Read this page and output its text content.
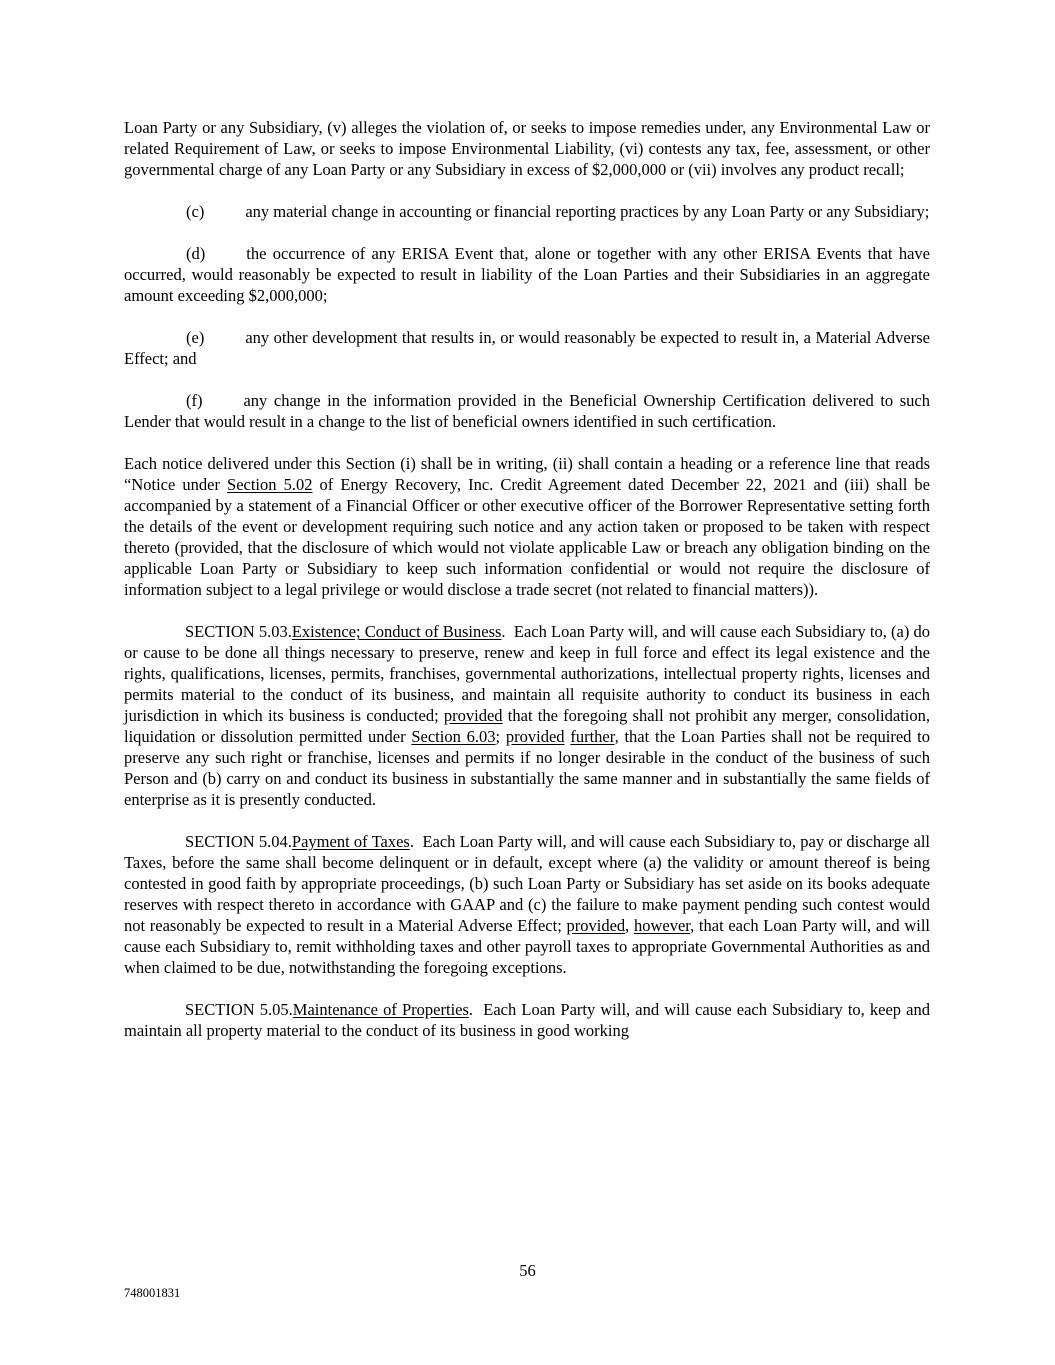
Loan Party or any Subsidiary, (v) alleges the violation of, or seeks to impose remedies under, any Environmental Law or related Requirement of Law, or seeks to impose Environmental Liability, (vi) contests any tax, fee, assessment, or other governmental charge of any Loan Party or any Subsidiary in excess of $2,000,000 or (vii) involves any product recall;

(c) any material change in accounting or financial reporting practices by any Loan Party or any Subsidiary;

(d) the occurrence of any ERISA Event that, alone or together with any other ERISA Events that have occurred, would reasonably be expected to result in liability of the Loan Parties and their Subsidiaries in an aggregate amount exceeding $2,000,000;

(e) any other development that results in, or would reasonably be expected to result in, a Material Adverse Effect; and

(f) any change in the information provided in the Beneficial Ownership Certification delivered to such Lender that would result in a change to the list of beneficial owners identified in such certification.

Each notice delivered under this Section (i) shall be in writing, (ii) shall contain a heading or a reference line that reads “Notice under Section 5.02 of Energy Recovery, Inc. Credit Agreement dated December 22, 2021 and (iii) shall be accompanied by a statement of a Financial Officer or other executive officer of the Borrower Representative setting forth the details of the event or development requiring such notice and any action taken or proposed to be taken with respect thereto (provided, that the disclosure of which would not violate applicable Law or breach any obligation binding on the applicable Loan Party or Subsidiary to keep such information confidential or would not require the disclosure of information subject to a legal privilege or would disclose a trade secret (not related to financial matters)).

SECTION 5.03.Existence; Conduct of Business.  Each Loan Party will, and will cause each Subsidiary to, (a) do or cause to be done all things necessary to preserve, renew and keep in full force and effect its legal existence and the rights, qualifications, licenses, permits, franchises, governmental authorizations, intellectual property rights, licenses and permits material to the conduct of its business, and maintain all requisite authority to conduct its business in each jurisdiction in which its business is conducted; provided that the foregoing shall not prohibit any merger, consolidation, liquidation or dissolution permitted under Section 6.03; provided further, that the Loan Parties shall not be required to preserve any such right or franchise, licenses and permits if no longer desirable in the conduct of the business of such Person and (b) carry on and conduct its business in substantially the same manner and in substantially the same fields of enterprise as it is presently conducted.

SECTION 5.04.Payment of Taxes.  Each Loan Party will, and will cause each Subsidiary to, pay or discharge all Taxes, before the same shall become delinquent or in default, except where (a) the validity or amount thereof is being contested in good faith by appropriate proceedings, (b) such Loan Party or Subsidiary has set aside on its books adequate reserves with respect thereto in accordance with GAAP and (c) the failure to make payment pending such contest would not reasonably be expected to result in a Material Adverse Effect; provided, however, that each Loan Party will, and will cause each Subsidiary to, remit withholding taxes and other payroll taxes to appropriate Governmental Authorities as and when claimed to be due, notwithstanding the foregoing exceptions.

SECTION 5.05.Maintenance of Properties.  Each Loan Party will, and will cause each Subsidiary to, keep and maintain all property material to the conduct of its business in good working

56
748001831
